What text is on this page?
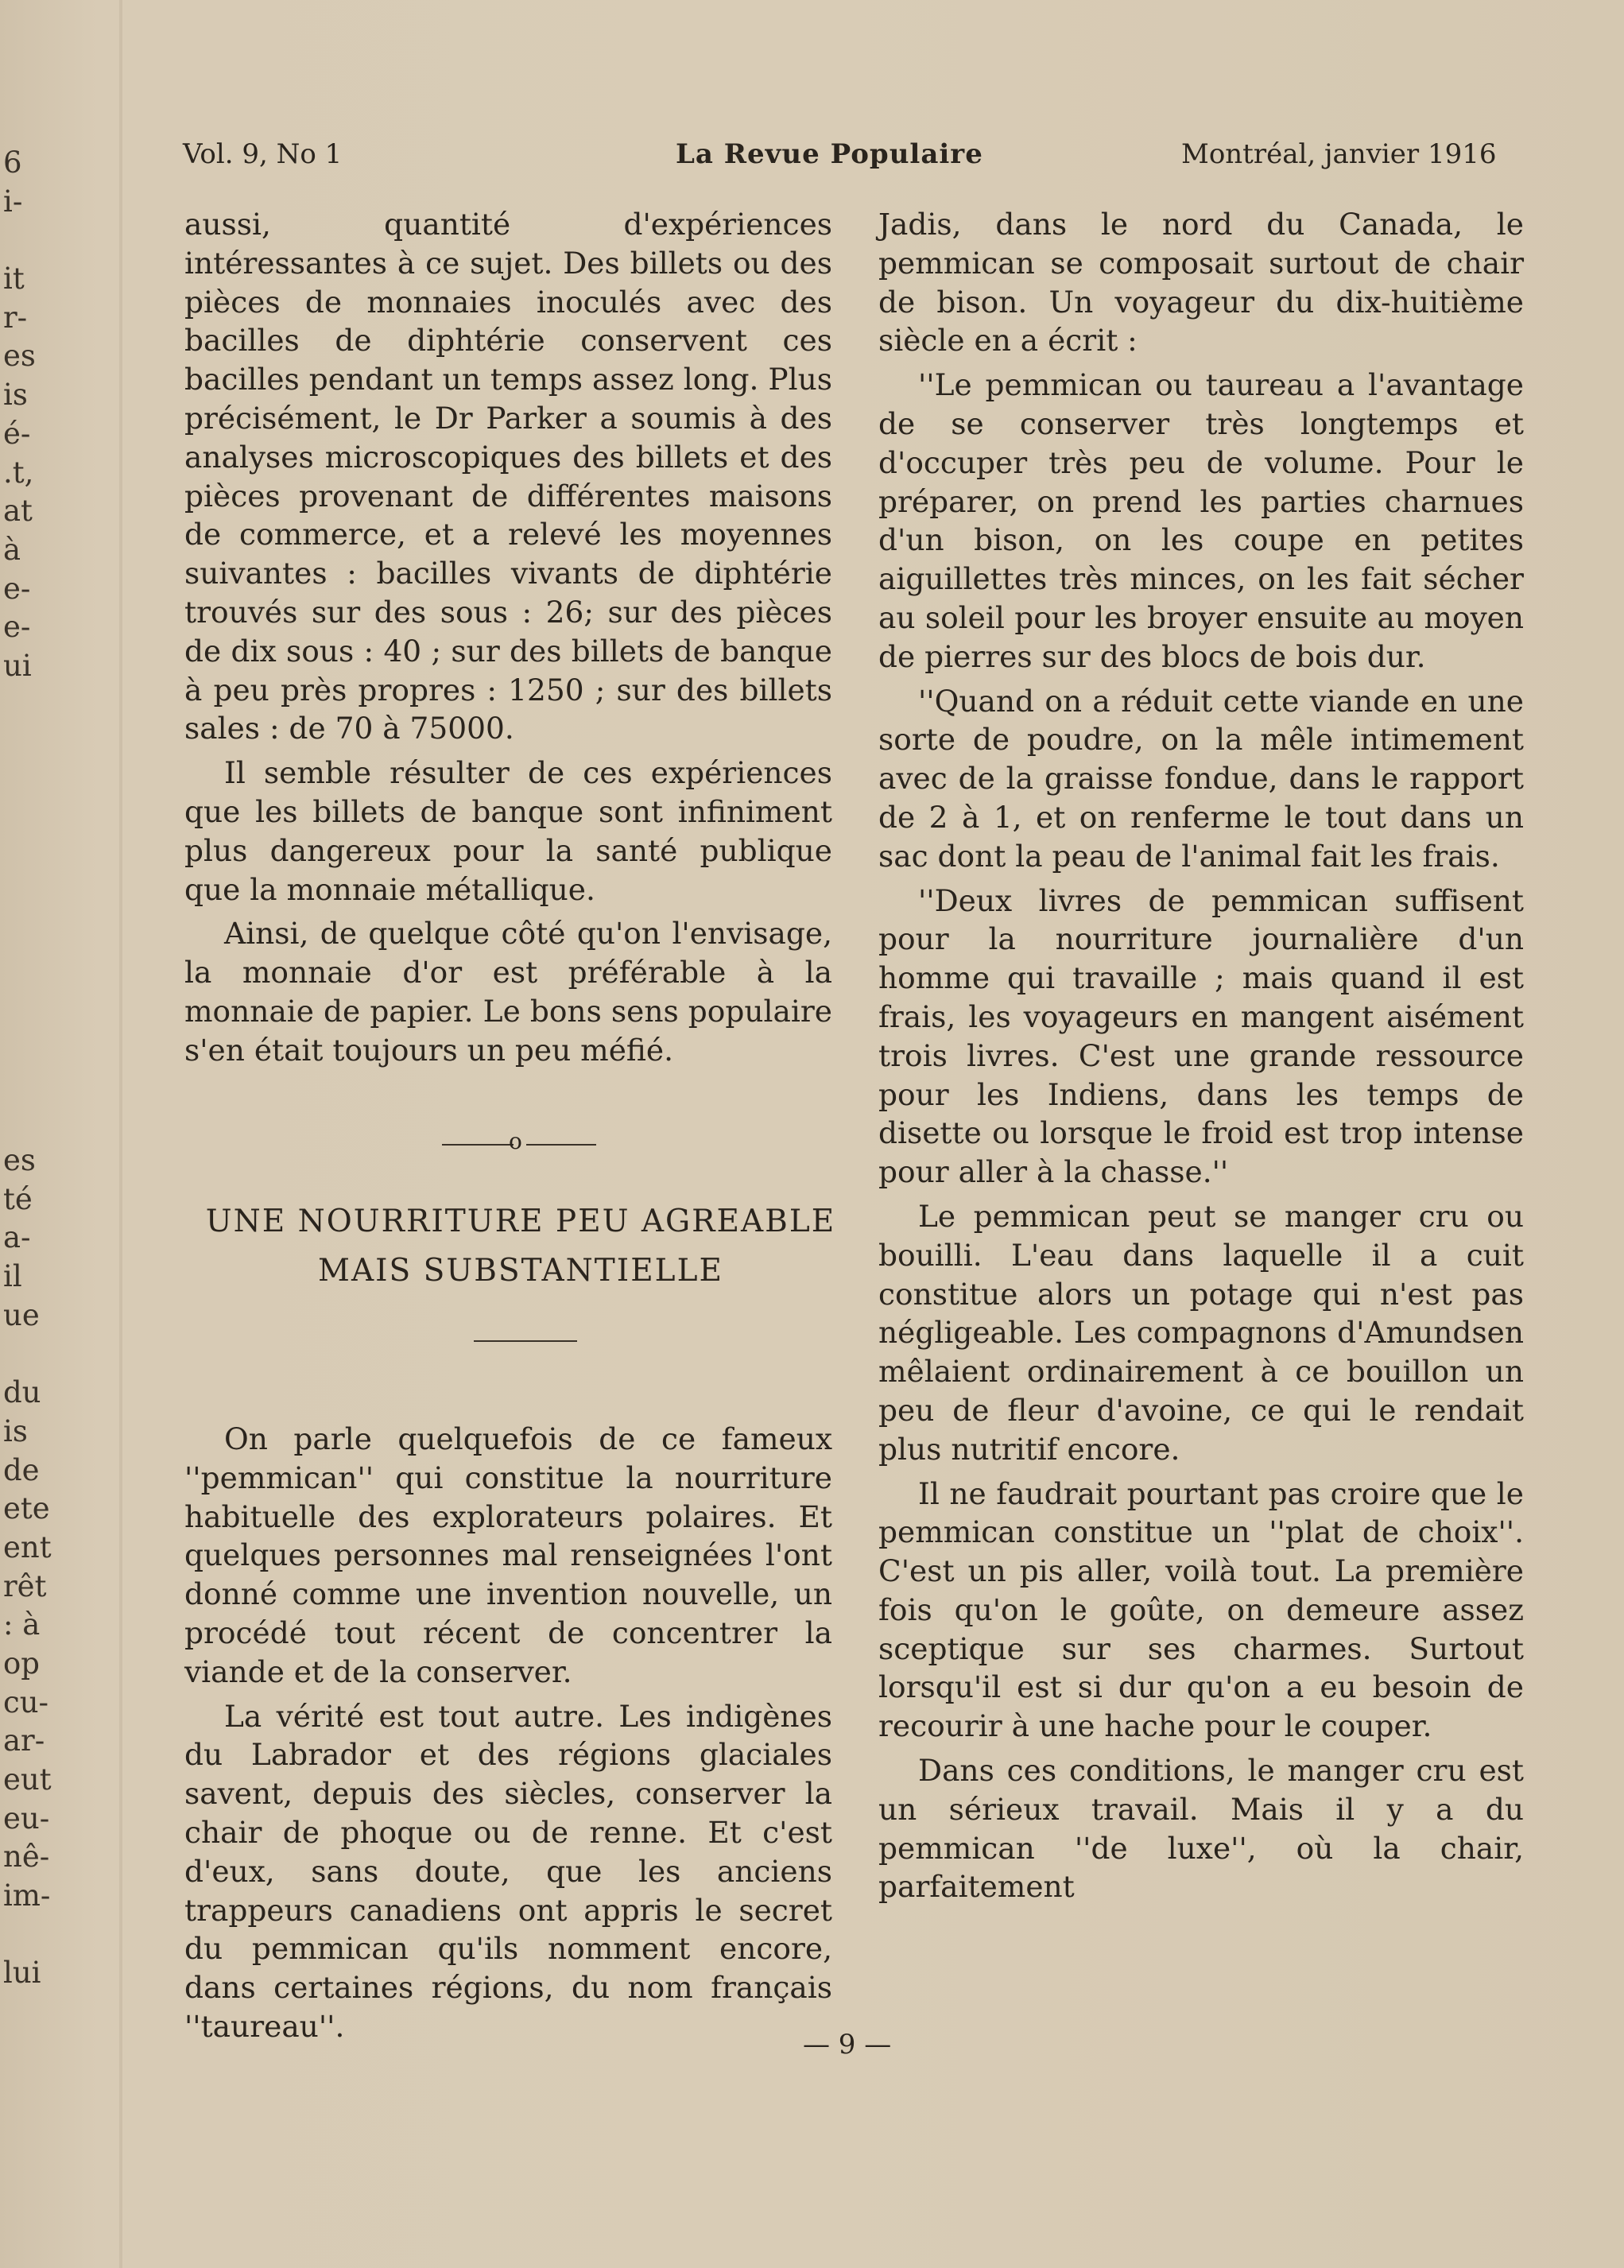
6
i-
it
r-
es
is
é-
.t,
at
à
e-
e-
ui
es
té
a-
il
ue
du
is
de
ete
ent
rêt
: à
op
cu-
ar-
eut
eu-
nê-
im-
lui
Vol. 9, No 1	La Revue Populaire	Montréal, janvier 1916

aussi, quantité d'expériences intéressantes à ce sujet. Des billets ou des pièces de monnaies inoculés avec des bacilles de diphtérie conservent ces bacilles pendant un temps assez long. Plus précisément, le Dr Parker a soumis à des analyses microscopiques des billets et des pièces provenant de différentes maisons de commerce, et a relevé les moyennes suivantes : bacilles vivants de diphtérie trouvés sur des sous : 26; sur des pièces de dix sous : 40 ; sur des billets de banque à peu près propres : 1250 ; sur des billets sales : de 70 à 75000.

Il semble résulter de ces expériences que les billets de banque sont infiniment plus dangereux pour la santé publique que la monnaie métallique.

Ainsi, de quelque côté qu'on l'envisage, la monnaie d'or est préférable à la monnaie de papier. Le bons sens populaire s'en était toujours un peu méfié.

o
UNE NOURRITURE PEU AGREABLE
MAIS SUBSTANTIELLE

On parle quelquefois de ce fameux ''pemmican'' qui constitue la nourriture habituelle des explorateurs polaires. Et quelques personnes mal renseignées l'ont donné comme une invention nouvelle, un procédé tout récent de concentrer la viande et de la conserver.

La vérité est tout autre. Les indigènes du Labrador et des régions glaciales savent, depuis des siècles, conserver la chair de phoque ou de renne. Et c'est d'eux, sans doute, que les anciens trappeurs canadiens ont appris le secret du pemmican qu'ils nomment encore, dans certaines régions, du nom français ''taureau''.

Jadis, dans le nord du Canada, le pemmican se composait surtout de chair de bison. Un voyageur du dix-huitième siècle en a écrit :

''Le pemmican ou taureau a l'avantage de se conserver très longtemps et d'occuper très peu de volume. Pour le préparer, on prend les parties charnues d'un bison, on les coupe en petites aiguillettes très minces, on les fait sécher au soleil pour les broyer ensuite au moyen de pierres sur des blocs de bois dur.

''Quand on a réduit cette viande en une sorte de poudre, on la mêle intimement avec de la graisse fondue, dans le rapport de 2 à 1, et on renferme le tout dans un sac dont la peau de l'animal fait les frais.

''Deux livres de pemmican suffisent pour la nourriture journalière d'un homme qui travaille ; mais quand il est frais, les voyageurs en mangent aisément trois livres. C'est une grande ressource pour les Indiens, dans les temps de disette ou lorsque le froid est trop intense pour aller à la chasse.''

Le pemmican peut se manger cru ou bouilli. L'eau dans laquelle il a cuit constitue alors un potage qui n'est pas négligeable. Les compagnons d'Amundsen mêlaient ordinairement à ce bouillon un peu de fleur d'avoine, ce qui le rendait plus nutritif encore.

Il ne faudrait pourtant pas croire que le pemmican constitue un ''plat de choix''. C'est un pis aller, voilà tout. La première fois qu'on le goûte, on demeure assez sceptique sur ses charmes. Surtout lorsqu'il est si dur qu'on a eu besoin de recourir à une hache pour le couper.

Dans ces conditions, le manger cru est un sérieux travail. Mais il y a du pemmican ''de luxe'', où la chair, parfaitement

— 9 —
